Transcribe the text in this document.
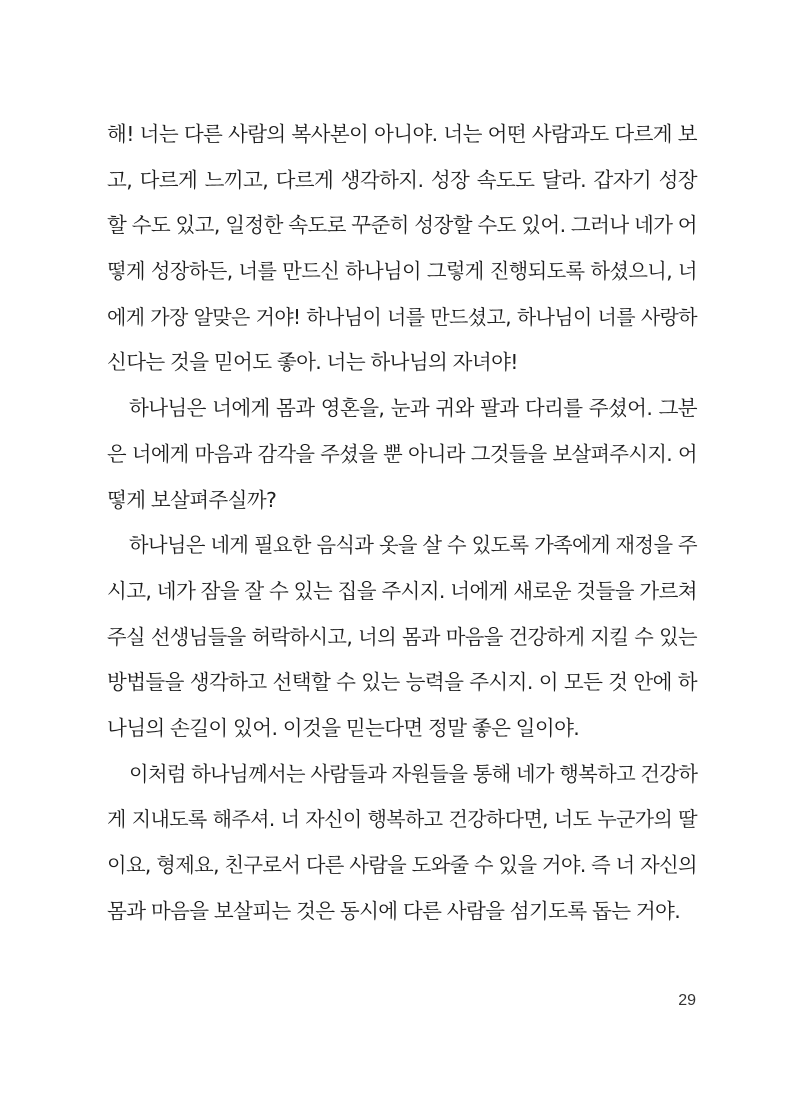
해! 너는 다른 사람의 복사본이 아니야. 너는 어떤 사람과도 다르게 보
고, 다르게 느끼고, 다르게 생각하지. 성장 속도도 달라. 갑자기 성장
할 수도 있고, 일정한 속도로 꾸준히 성장할 수도 있어. 그러나 네가 어
떻게 성장하든, 너를 만드신 하나님이 그렇게 진행되도록 하셨으니, 너
에게 가장 알맞은 거야! 하나님이 너를 만드셨고, 하나님이 너를 사랑하
신다는 것을 믿어도 좋아. 너는 하나님의 자녀야!
하나님은 너에게 몸과 영혼을, 눈과 귀와 팔과 다리를 주셨어. 그분
은 너에게 마음과 감각을 주셨을 뿐 아니라 그것들을 보살펴주시지. 어
떻게 보살펴주실까?
하나님은 네게 필요한 음식과 옷을 살 수 있도록 가족에게 재정을 주
시고, 네가 잠을 잘 수 있는 집을 주시지. 너에게 새로운 것들을 가르쳐
주실 선생님들을 허락하시고, 너의 몸과 마음을 건강하게 지킬 수 있는
방법들을 생각하고 선택할 수 있는 능력을 주시지. 이 모든 것 안에 하
나님의 손길이 있어. 이것을 믿는다면 정말 좋은 일이야.
이처럼 하나님께서는 사람들과 자원들을 통해 네가 행복하고 건강하
게 지내도록 해주셔. 너 자신이 행복하고 건강하다면, 너도 누군가의 딸
이요, 형제요, 친구로서 다른 사람을 도와줄 수 있을 거야. 즉 너 자신의
몸과 마음을 보살피는 것은 동시에 다른 사람을 섬기도록 돕는 거야.
29
